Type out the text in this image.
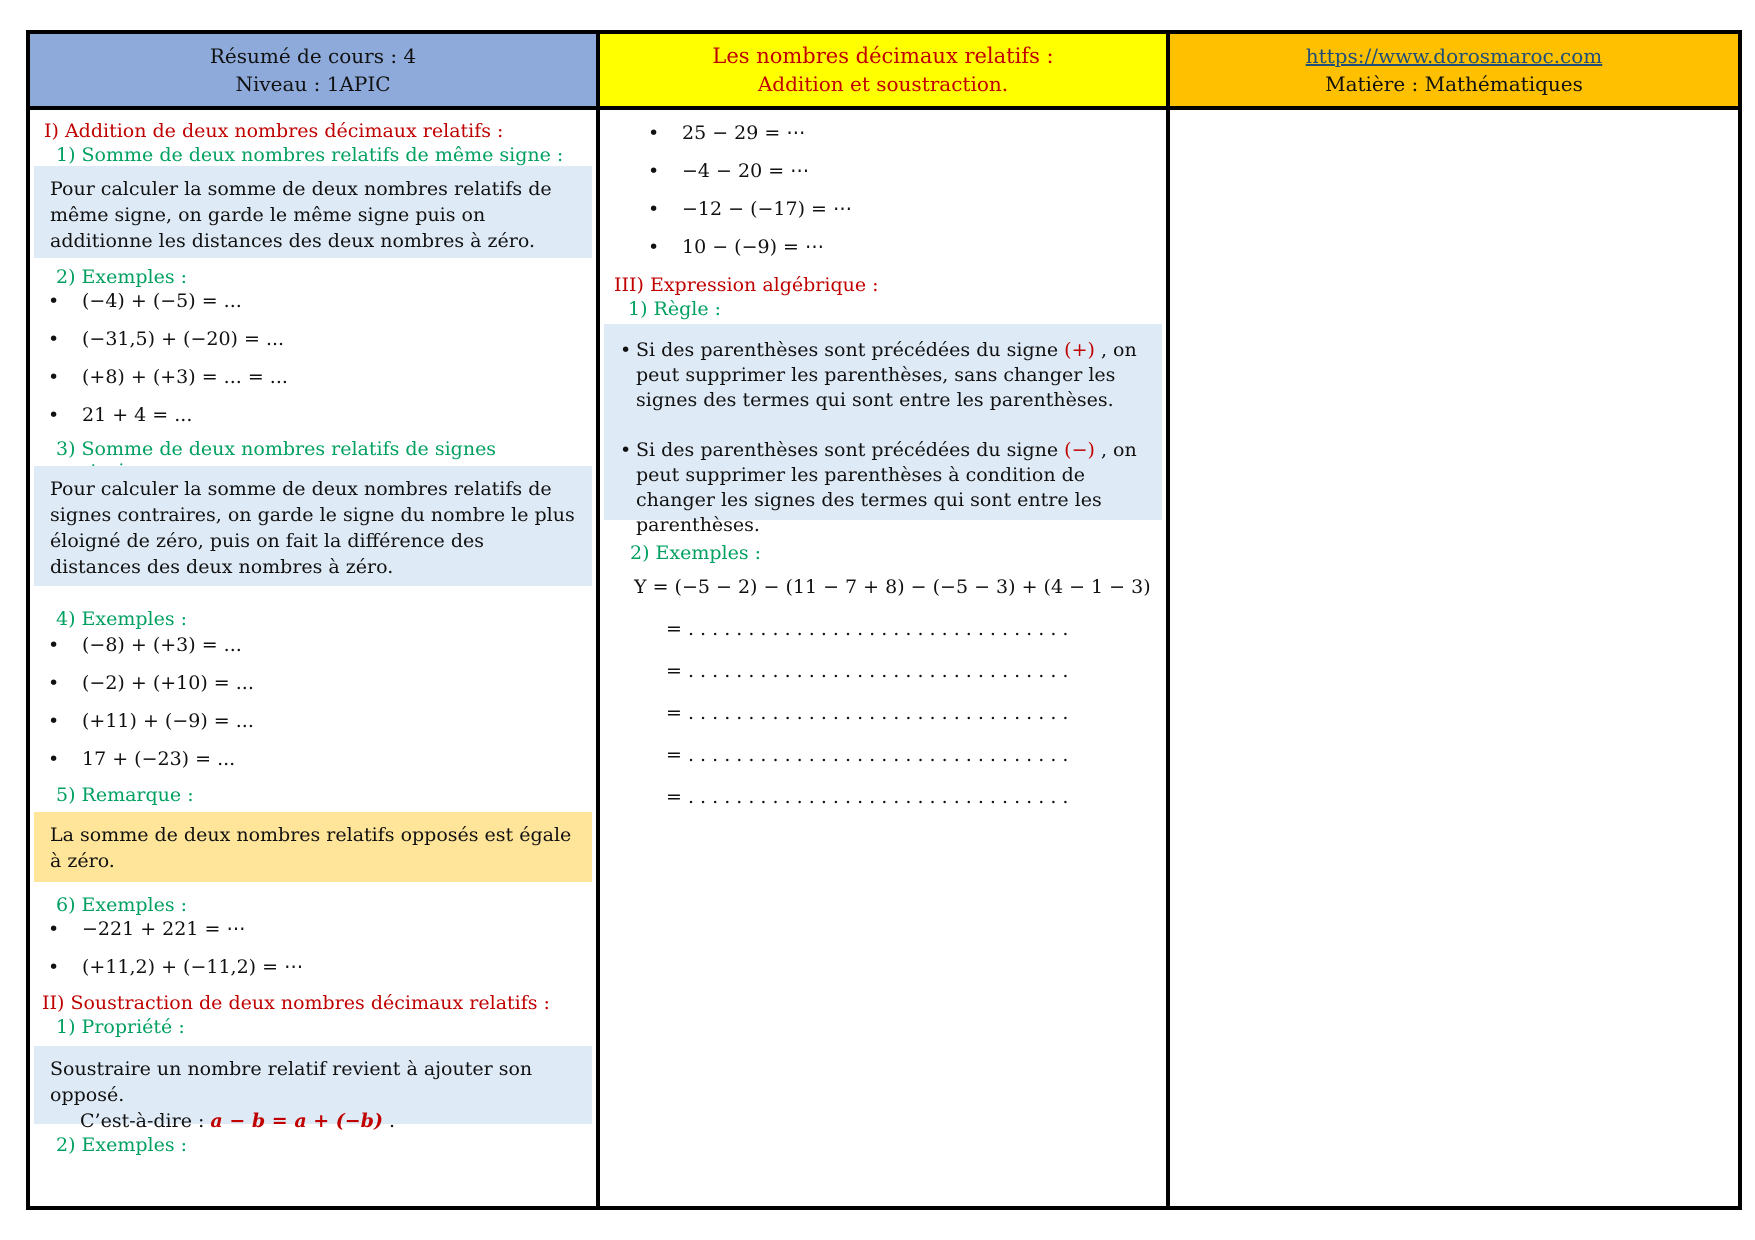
Résumé de cours : 4
Niveau : 1APIC
I) Addition de deux nombres décimaux relatifs :
1) Somme de deux nombres relatifs de même signe :
Pour calculer la somme de deux nombres relatifs de même signe, on garde le même signe puis on additionne les distances des deux nombres à zéro.
2) Exemples :
• (−4) + (−5) = ...
• (−31,5) + (−20) = ...
• (+8) + (+3) = ... = ...
• 21 + 4 = ...
3) Somme de deux nombres relatifs de signes
Pour calculer la somme de deux nombres relatifs de signes contraires, on garde le signe du nombre le plus éloigné de zéro, puis on fait la différence des distances des deux nombres à zéro.
4) Exemples :
• (−8) + (+3) = ...
• (−2) + (+10) = ...
• (+11) + (−9) = ...
• 17 + (−23) = ...
5) Remarque :
La somme de deux nombres relatifs opposés est égale à zéro.
6) Exemples :
• −221 + 221 = ⋯
• (+11,2) + (−11,2) = ⋯
II) Soustraction de deux nombres décimaux relatifs :
1) Propriété :
Soustraire un nombre relatif revient à ajouter son opposé.
C’est-à-dire : a − b = a + (−b) .
2) Exemples :
Les nombres décimaux relatifs :
Addition et soustraction.
• 25 − 29 = ⋯
• −4 − 20 = ⋯
• −12 − (−17) = ⋯
• 10 − (−9) = ⋯
III) Expression algébrique :
1) Règle :
• Si des parenthèses sont précédées du signe (+) , on peut supprimer les parenthèses, sans changer les signes des termes qui sont entre les parenthèses.
• Si des parenthèses sont précédées du signe (−) , on peut supprimer les parenthèses à condition de changer les signes des termes qui sont entre les parenthèses.
2) Exemples :
Y = (−5 − 2) − (11 − 7 + 8) − (−5 − 3) + (4 − 1 − 3)
= . . . . . . . . . . . . . . . . . . . . . . . . . . . . . . . .
= . . . . . . . . . . . . . . . . . . . . . . . . . . . . . . . .
= . . . . . . . . . . . . . . . . . . . . . . . . . . . . . . . .
= . . . . . . . . . . . . . . . . . . . . . . . . . . . . . . . .
= . . . . . . . . . . . . . . . . . . . . . . . . . . . . . . . .
https://www.dorosmaroc.com
Matière : Mathématiques
